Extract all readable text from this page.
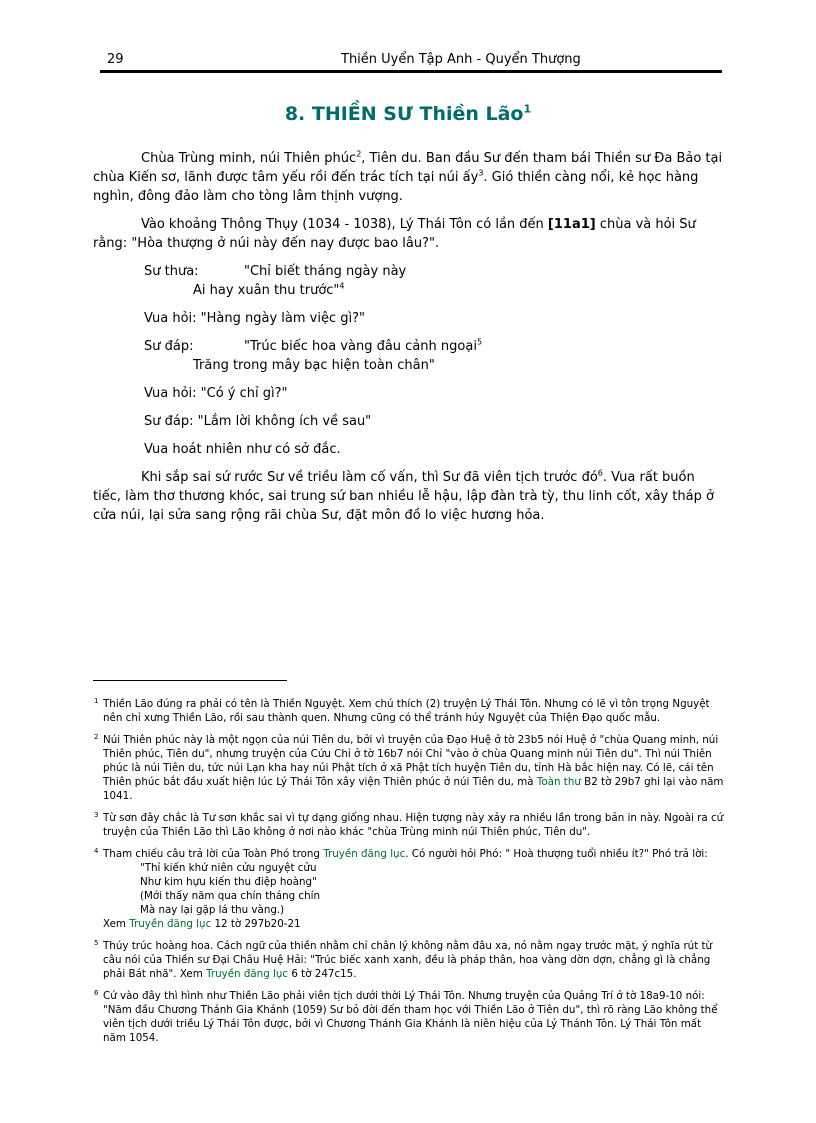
29	Thiền Uyển Tập Anh - Quyển Thượng
8. THIỀN SƯ Thiền Lão$^1$

Chùa Trùng minh, núi Thiên phúc$^2$, Tiên du. Ban đầu Sư đến tham bái Thiền sư Đa Bảo tại chùa Kiến sơ, lãnh được tâm yếu rồi đến trác tích tại núi ấy$^3$. Gió thiền càng nổi, kẻ học hàng nghìn, đông đảo làm cho tòng lâm thịnh vượng.

Vào khoảng Thông Thụy (1034 - 1038), Lý Thái Tôn có lần đến [11a1] chùa và hỏi Sư rằng: "Hòa thượng ở núi này đến nay được bao lâu?".

Sư thưa:	"Chỉ biết tháng ngày này
Ai hay xuân thu trước"$^4$

Vua hỏi: "Hàng ngày làm việc gì?"

Sư đáp:	"Trúc biếc hoa vàng đâu cảnh ngoại$^5$
Trăng trong mây bạc hiện toàn chân"

Vua hỏi: "Có ý chỉ gì?"

Sư đáp: "Lắm lời không ích về sau"

Vua hoát nhiên như có sở đắc.

Khi sắp sai sứ rước Sư về triều làm cố vấn, thì Sư đã viên tịch trước $đó^6$. Vua rất buồn tiếc, làm thơ thương khóc, sai trung sứ ban nhiều lễ hậu, lập đàn trà tỳ, thu linh cốt, xây tháp ở cửa núi, lại sửa sang rộng rãi chùa Sư, đặt môn đồ lo việc hương hỏa.

1 Thiền Lão đúng ra phải có tên là Thiền Nguyệt. Xem chú thích (2) truyện Lý Thái Tôn. Nhưng có lẽ vì tôn trọng Nguyệt nên chỉ xưng Thiền Lão, rồi sau thành quen. Nhưng cũng có thể tránh húy Nguyệt của Thiện Đạo quốc mẫu.
2 Núi Thiên phúc này là một ngọn của núi Tiên du, bởi vì truyện của Đạo Huệ ở tờ 23b5 nói Huệ ở "chùa Quang minh, núi Thiên phúc, Tiên du", nhưng truyện của Cứu Chỉ ở tờ 16b7 nói Chỉ "vào ở chùa Quang minh núi Tiên du". Thì núi Thiên phúc là núi Tiên du, tức núi Lạn kha hay núi Phật tích ở xã Phật tích huyện Tiên du, tỉnh Hà bắc hiện nay. Có lẽ, cái tên Thiên phúc bắt đầu xuất hiện lúc Lý Thái Tôn xây viện Thiên phúc ở núi Tiên du, mà Toàn thư B2 tờ 29b7 ghi lại vào năm 1041.
3 Từ sơn đây chắc là Tư sơn khắc sai vì tự dạng giống nhau. Hiện tượng này xảy ra nhiều lần trong bản in này. Ngoài ra cứ truyện của Thiền Lão thì Lão không ở nơi nào khác "chùa Trùng minh núi Thiên phúc, Tiên du".
4 Tham chiếu câu trả lời của Toàn Phó trong Truyền đăng lục. Có người hỏi Phó: " Hoà thượng tuổi nhiều ít?" Phó trả lời:
"Thỉ kiến khứ niên cửu nguyệt cửu
Như kim hựu kiến thu điệp hoàng"
(Mới thấy năm qua chín tháng chín
Mà nay lại gặp lá thu vàng.)
Xem Truyền đăng lục 12 tờ 297b20-21
5 Thúy trúc hoàng hoa. Cách ngữ của thiền nhằm chỉ chân lý không nằm đâu xa, nó nằm ngay trước mặt, ý nghĩa rút từ câu nói của Thiền sư Đại Châu Huệ Hải: "Trúc biếc xanh xanh, đều là pháp thân, hoa vàng dờn dợn, chẳng gì là chẳng phải Bát nhã". Xem Truyền đăng lục 6 tờ 247c15.
6 Cứ vào đây thì hình như Thiền Lão phải viên tịch dưới thời Lý Thái Tôn. Nhưng truyện của Quảng Trí ở tờ 18a9-10 nói: "Năm đầu Chương Thánh Gia Khánh (1059) Sư bỏ đời đến tham học với Thiền Lão ở Tiên du", thì rõ ràng Lão không thể viên tịch dưới triều Lý Thái Tôn được, bởi vì Chương Thánh Gia Khánh là niên hiệu của Lý Thánh Tôn. Lý Thái Tôn mất năm 1054.
